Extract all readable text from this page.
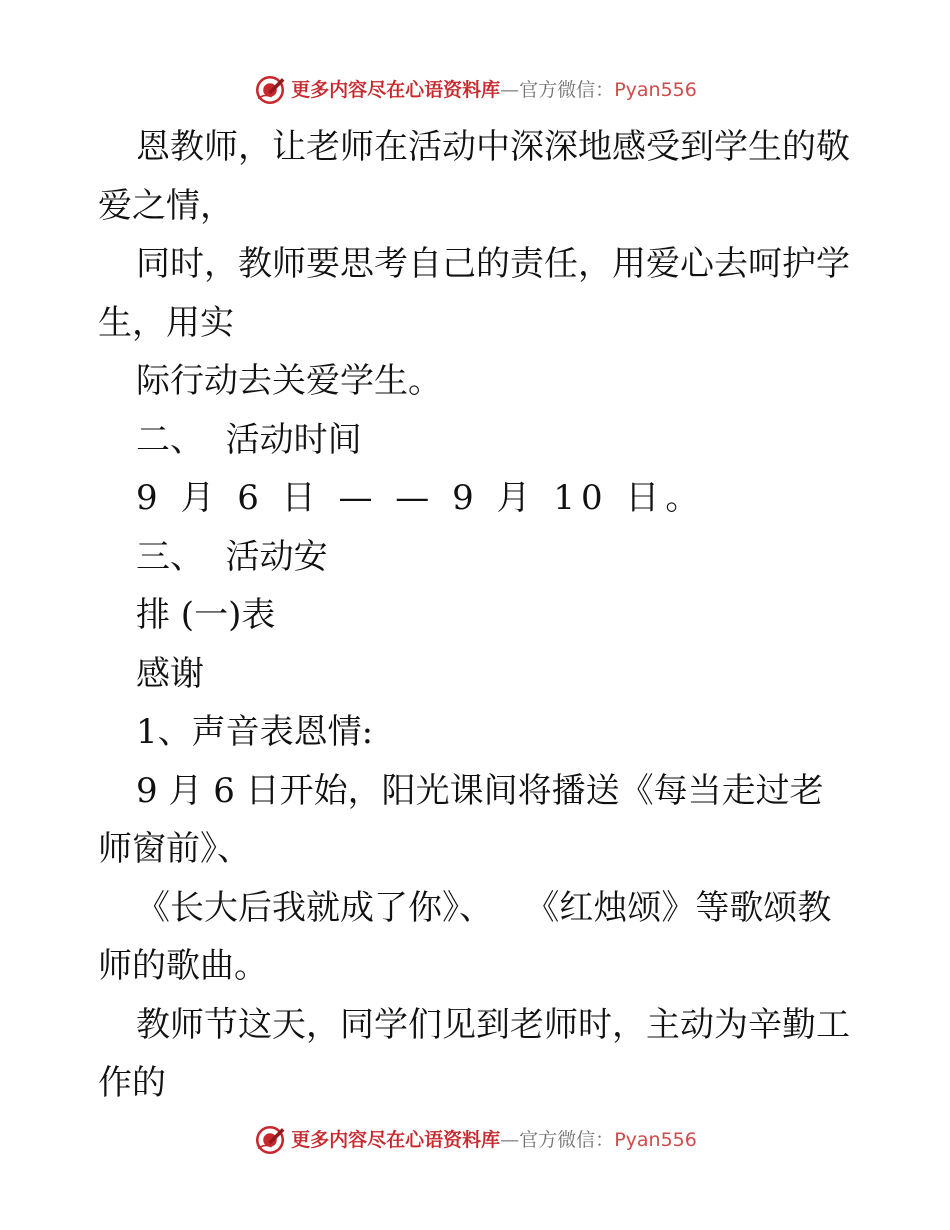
更多内容尽在心语资料库 — 官方微信： Pyan556
恩教师，让老师在活动中深深地感受到学生的敬
爱之情，
同时，教师要思考自己的责任，用爱心去呵护学
生，用实
际行动去关爱学生。
二、  活动时间
9 月 6 日 — — 9 月 10 日。
三、  活动安
排 (一)表
感谢
1、声音表恩情:
9 月 6 日开始，阳光课间将播送《每当走过老
师窗前》、
《长大后我就成了你》、   《红烛颂》等歌颂教
师的歌曲。
教师节这天，同学们见到老师时，主动为辛勤工
作的
更多内容尽在心语资料库 — 官方微信： Pyan556
